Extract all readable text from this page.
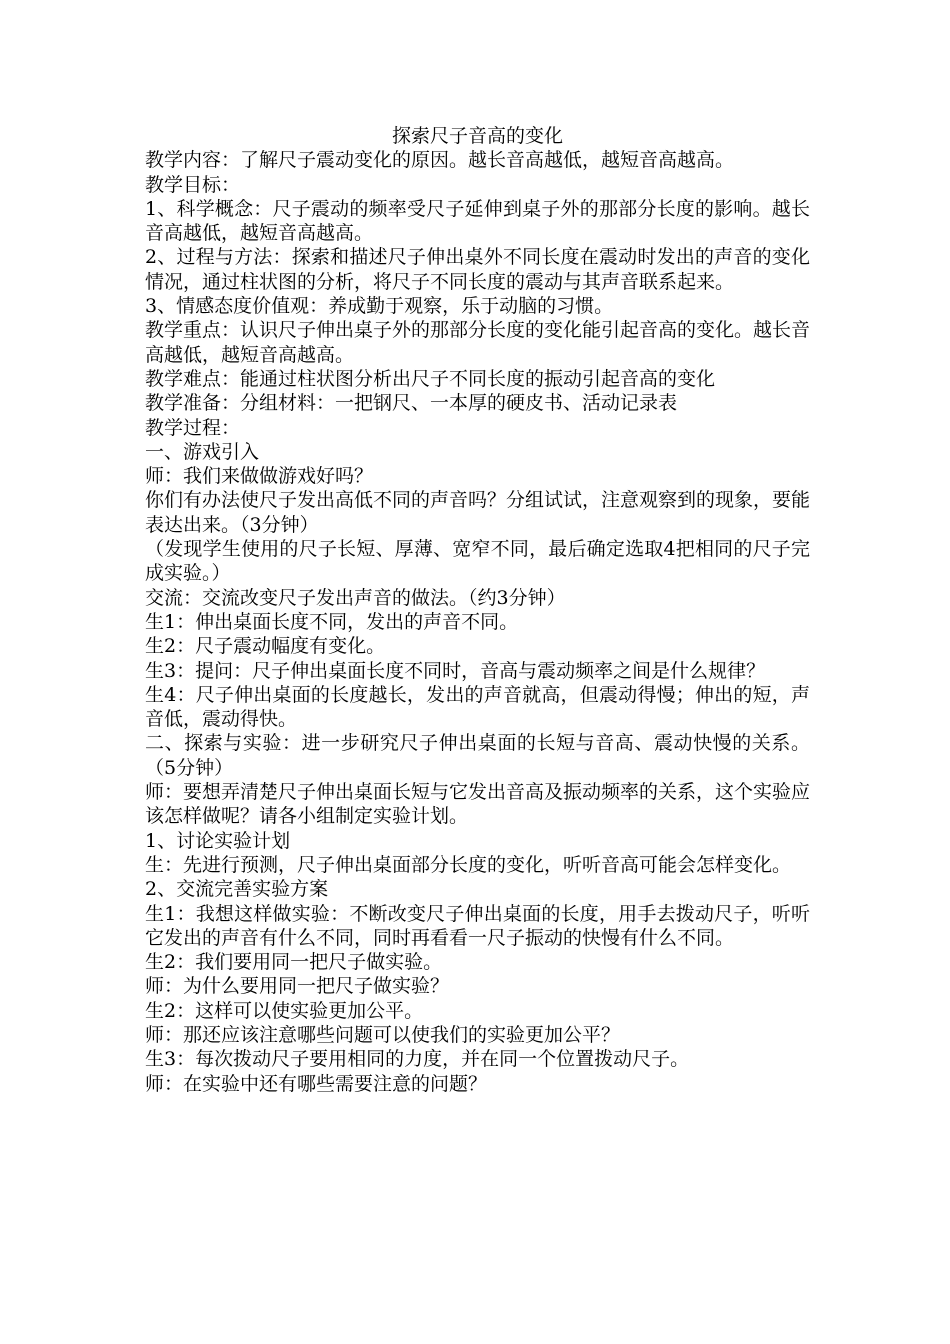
探索尺子音高的变化

教学内容：了解尺子震动变化的原因。越长音高越低，越短音高越高。

教学目标：

1、科学概念：尺子震动的频率受尺子延伸到桌子外的那部分长度的影响。越长音高越低，越短音高越高。

2、过程与方法：探索和描述尺子伸出桌外不同长度在震动时发出的声音的变化情况，通过柱状图的分析，将尺子不同长度的震动与其声音联系起来。

3、情感态度价值观：养成勤于观察，乐于动脑的习惯。

教学重点：认识尺子伸出桌子外的那部分长度的变化能引起音高的变化。越长音高越低，越短音高越高。

教学难点：能通过柱状图分析出尺子不同长度的振动引起音高的变化

教学准备：分组材料：一把钢尺、一本厚的硬皮书、活动记录表

教学过程：

一、游戏引入

师：我们来做做游戏好吗？

你们有办法使尺子发出高低不同的声音吗？分组试试，注意观察到的现象，要能表达出来。（3分钟）

（发现学生使用的尺子长短、厚薄、宽窄不同，最后确定选取4把相同的尺子完成实验。）

交流：交流改变尺子发出声音的做法。（约3分钟）

生1：伸出桌面长度不同，发出的声音不同。

生2：尺子震动幅度有变化。

生3：提问：尺子伸出桌面长度不同时，音高与震动频率之间是什么规律？

生4：尺子伸出桌面的长度越长，发出的声音就高，但震动得慢；伸出的短，声音低，震动得快。

二、探索与实验：进一步研究尺子伸出桌面的长短与音高、震动快慢的关系。（5分钟）

师：要想弄清楚尺子伸出桌面长短与它发出音高及振动频率的关系，这个实验应该怎样做呢？请各小组制定实验计划。

1、讨论实验计划

生：先进行预测，尺子伸出桌面部分长度的变化，听听音高可能会怎样变化。

2、交流完善实验方案

生1：我想这样做实验：不断改变尺子伸出桌面的长度，用手去拨动尺子，听听它发出的声音有什么不同，同时再看看一尺子振动的快慢有什么不同。

生2：我们要用同一把尺子做实验。

师：为什么要用同一把尺子做实验？

生2：这样可以使实验更加公平。

师：那还应该注意哪些问题可以使我们的实验更加公平？

生3：每次拨动尺子要用相同的力度，并在同一个位置拨动尺子。

师：在实验中还有哪些需要注意的问题？
